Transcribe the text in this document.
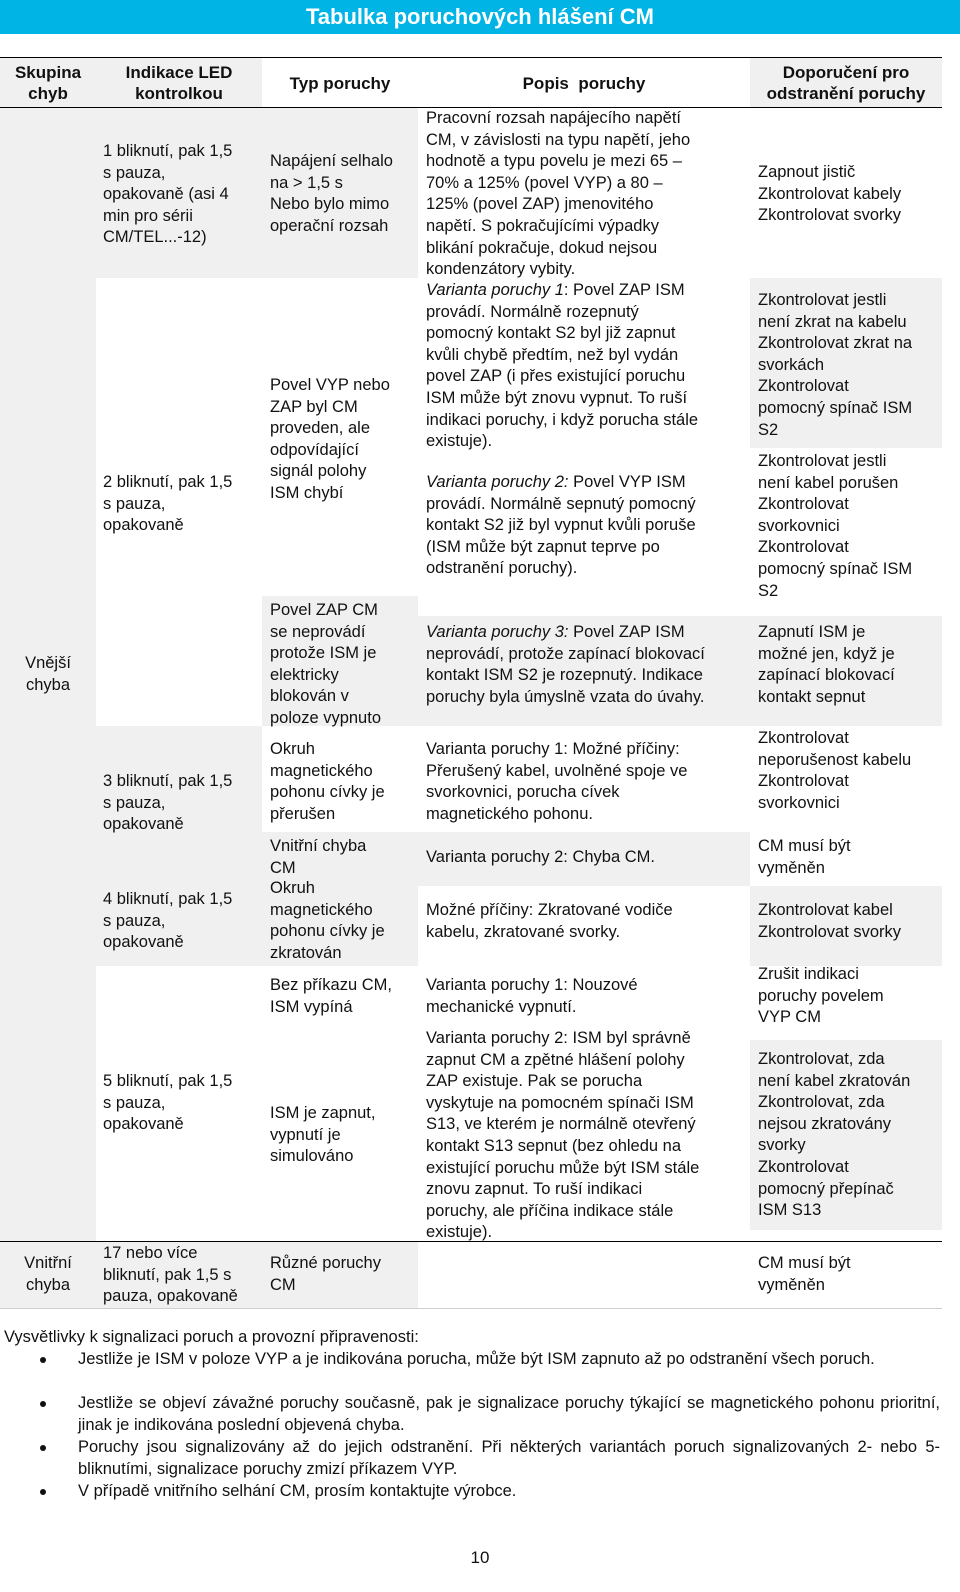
Tabulka poruchových hlášení CM
Skupina
chyb
Indikace LED
kontrolkou
Typ poruchy	Popis  poruchy
Doporučení pro
odstranění poruchy
Vnější
chyba
Vnitřní
chyba
1 bliknutí, pak 1,5
s pauza,
opakovaně (asi 4
min pro sérii
CM/TEL...-12)
2 bliknutí, pak 1,5
s pauza,
opakovaně
3 bliknutí, pak 1,5
s pauza,
opakovaně
4 bliknutí, pak 1,5
s pauza,
opakovaně
5 bliknutí, pak 1,5
s pauza,
opakovaně
17 nebo více
bliknutí, pak 1,5 s
pauza, opakovaně
Napájení selhalo
na > 1,5 s
Nebo bylo mimo
operační rozsah
Povel VYP nebo
ZAP byl CM
proveden, ale
odpovídající
signál polohy
ISM chybí
Povel ZAP CM
se neprovádí
protože ISM je
elektricky
blokován v
poloze vypnuto
Okruh
magnetického
pohonu cívky je
přerušen
Vnitřní chyba
CM
Okruh
magnetického
pohonu cívky je
zkratován
Bez příkazu CM,
ISM vypíná
ISM je zapnut,
vypnutí je
simulováno
Různé poruchy
CM
Pracovní rozsah napájecího napětí
CM, v závislosti na typu napětí, jeho
hodnotě a typu povelu je mezi 65 –
70% a 125% (povel VYP) a 80 –
125% (povel ZAP) jmenovitého
napětí. S pokračujícími výpadky
blikání pokračuje, dokud nejsou
kondenzátory vybity.
Varianta poruchy 1: Povel ZAP ISM
provádí. Normálně rozepnutý
pomocný kontakt S2 byl již zapnut
kvůli chybě předtím, než byl vydán
povel ZAP (i přes existující poruchu
ISM může být znovu vypnut. To ruší
indikaci poruchy, i když porucha stále
existuje).
Varianta poruchy 2: Povel VYP ISM
provádí. Normálně sepnutý pomocný
kontakt S2 již byl vypnut kvůli poruše
(ISM může být zapnut teprve po
odstranění poruchy).
Varianta poruchy 3: Povel ZAP ISM
neprovádí, protože zapínací blokovací
kontakt ISM S2 je rozepnutý. Indikace
poruchy byla úmyslně vzata do úvahy.
Varianta poruchy 1: Možné příčiny:
Přerušený kabel, uvolněné spoje ve
svorkovnici, porucha cívek
magnetického pohonu.
Varianta poruchy 2: Chyba CM.
Možné příčiny: Zkratované vodiče
kabelu, zkratované svorky.
Varianta poruchy 1: Nouzové
mechanické vypnutí.
Varianta poruchy 2: ISM byl správně
zapnut CM a zpětné hlášení polohy
ZAP existuje. Pak se porucha
vyskytuje na pomocném spínači ISM
S13, ve kterém je normálně otevřený
kontakt S13 sepnut (bez ohledu na
existující poruchu může být ISM stále
znovu zapnut. To ruší indikaci
poruchy, ale příčina indikace stále
existuje).
Zapnout jistič
Zkontrolovat kabely
Zkontrolovat svorky
Zkontrolovat jestli
není zkrat na kabelu
Zkontrolovat zkrat na
svorkách
Zkontrolovat
pomocný spínač ISM
S2
Zkontrolovat jestli
není kabel porušen
Zkontrolovat
svorkovnici
Zkontrolovat
pomocný spínač ISM
S2
Zapnutí ISM je
možné jen, když je
zapínací blokovací
kontakt sepnut
Zkontrolovat
neporušenost kabelu
Zkontrolovat
svorkovnici
CM musí být
vyměněn
Zkontrolovat kabel
Zkontrolovat svorky
Zrušit indikaci
poruchy povelem
VYP CM
Zkontrolovat, zda
není kabel zkratován
Zkontrolovat, zda
nejsou zkratovány
svorky
Zkontrolovat
pomocný přepínač
ISM S13
CM musí být
vyměněn
Vysvětlivky k signalizaci poruch a provozní připravenosti:
Jestliže je ISM v poloze VYP a je indikována porucha, může být ISM zapnuto až po odstranění všech poruch.
Jestliže se objeví závažné poruchy současně, pak je signalizace poruchy týkající se magnetického pohonu prioritní, jinak je indikována poslední objevená chyba.
Poruchy jsou signalizovány až do jejich odstranění. Při některých variantách poruch signalizovaných 2- nebo 5- bliknutími, signalizace poruchy zmizí příkazem VYP.
V případě vnitřního selhání CM, prosím kontaktujte výrobce.
10
